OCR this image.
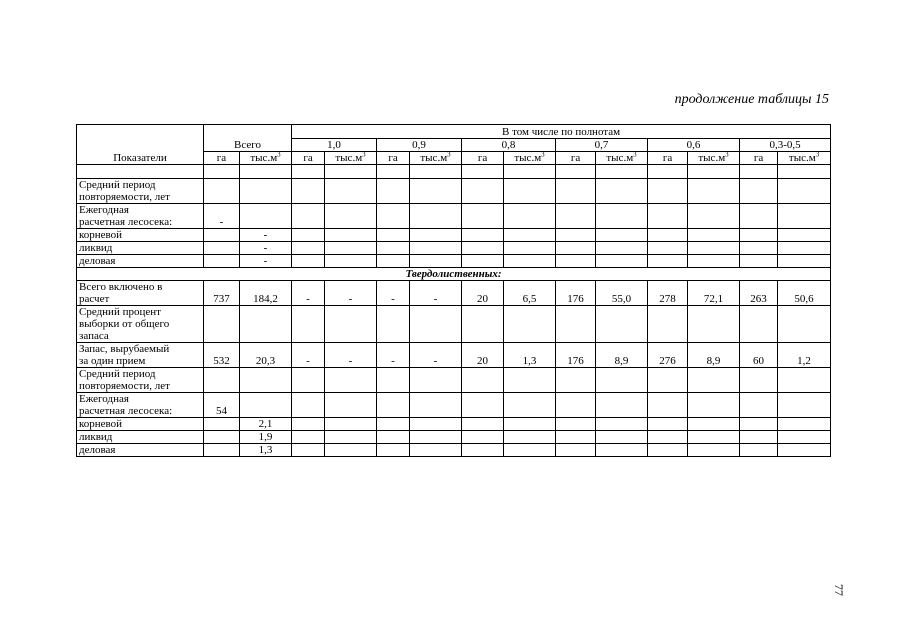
продолжение таблицы 15
Показатели	Всего		В том числе по полнотам											
			1,0		0,9		0,8		0,7		0,6		0,3-0,5	
	га	$тыс.м^3$	га	$тыс.м^3$	га	$тыс.м^3$	га	$тыс.м^3$	га	$тыс.м^3$	га	$тыс.м^3$	га	$тыс.м^3$

Средний период
повторяемости, лет														

Ежегодная
расчетная лесосека:	-													

корневой		-												

ликвид		-												

деловая		-												
Твердолиственных:														

Всего включено в
расчет	737	184,2	-	-	-	-	20	6,5	176	55,0	278	72,1	263	50,6

Средний процент
выборки от общего
запаса														

Запас, вырубаемый
за один прием	532	20,3	-	-	-	-	20	1,3	176	8,9	276	8,9	60	1,2

Средний период
повторяемости, лет														

Ежегодная
расчетная лесосека:	54													

корневой		2,1												

ликвид		1,9												

деловая		1,3												
77
